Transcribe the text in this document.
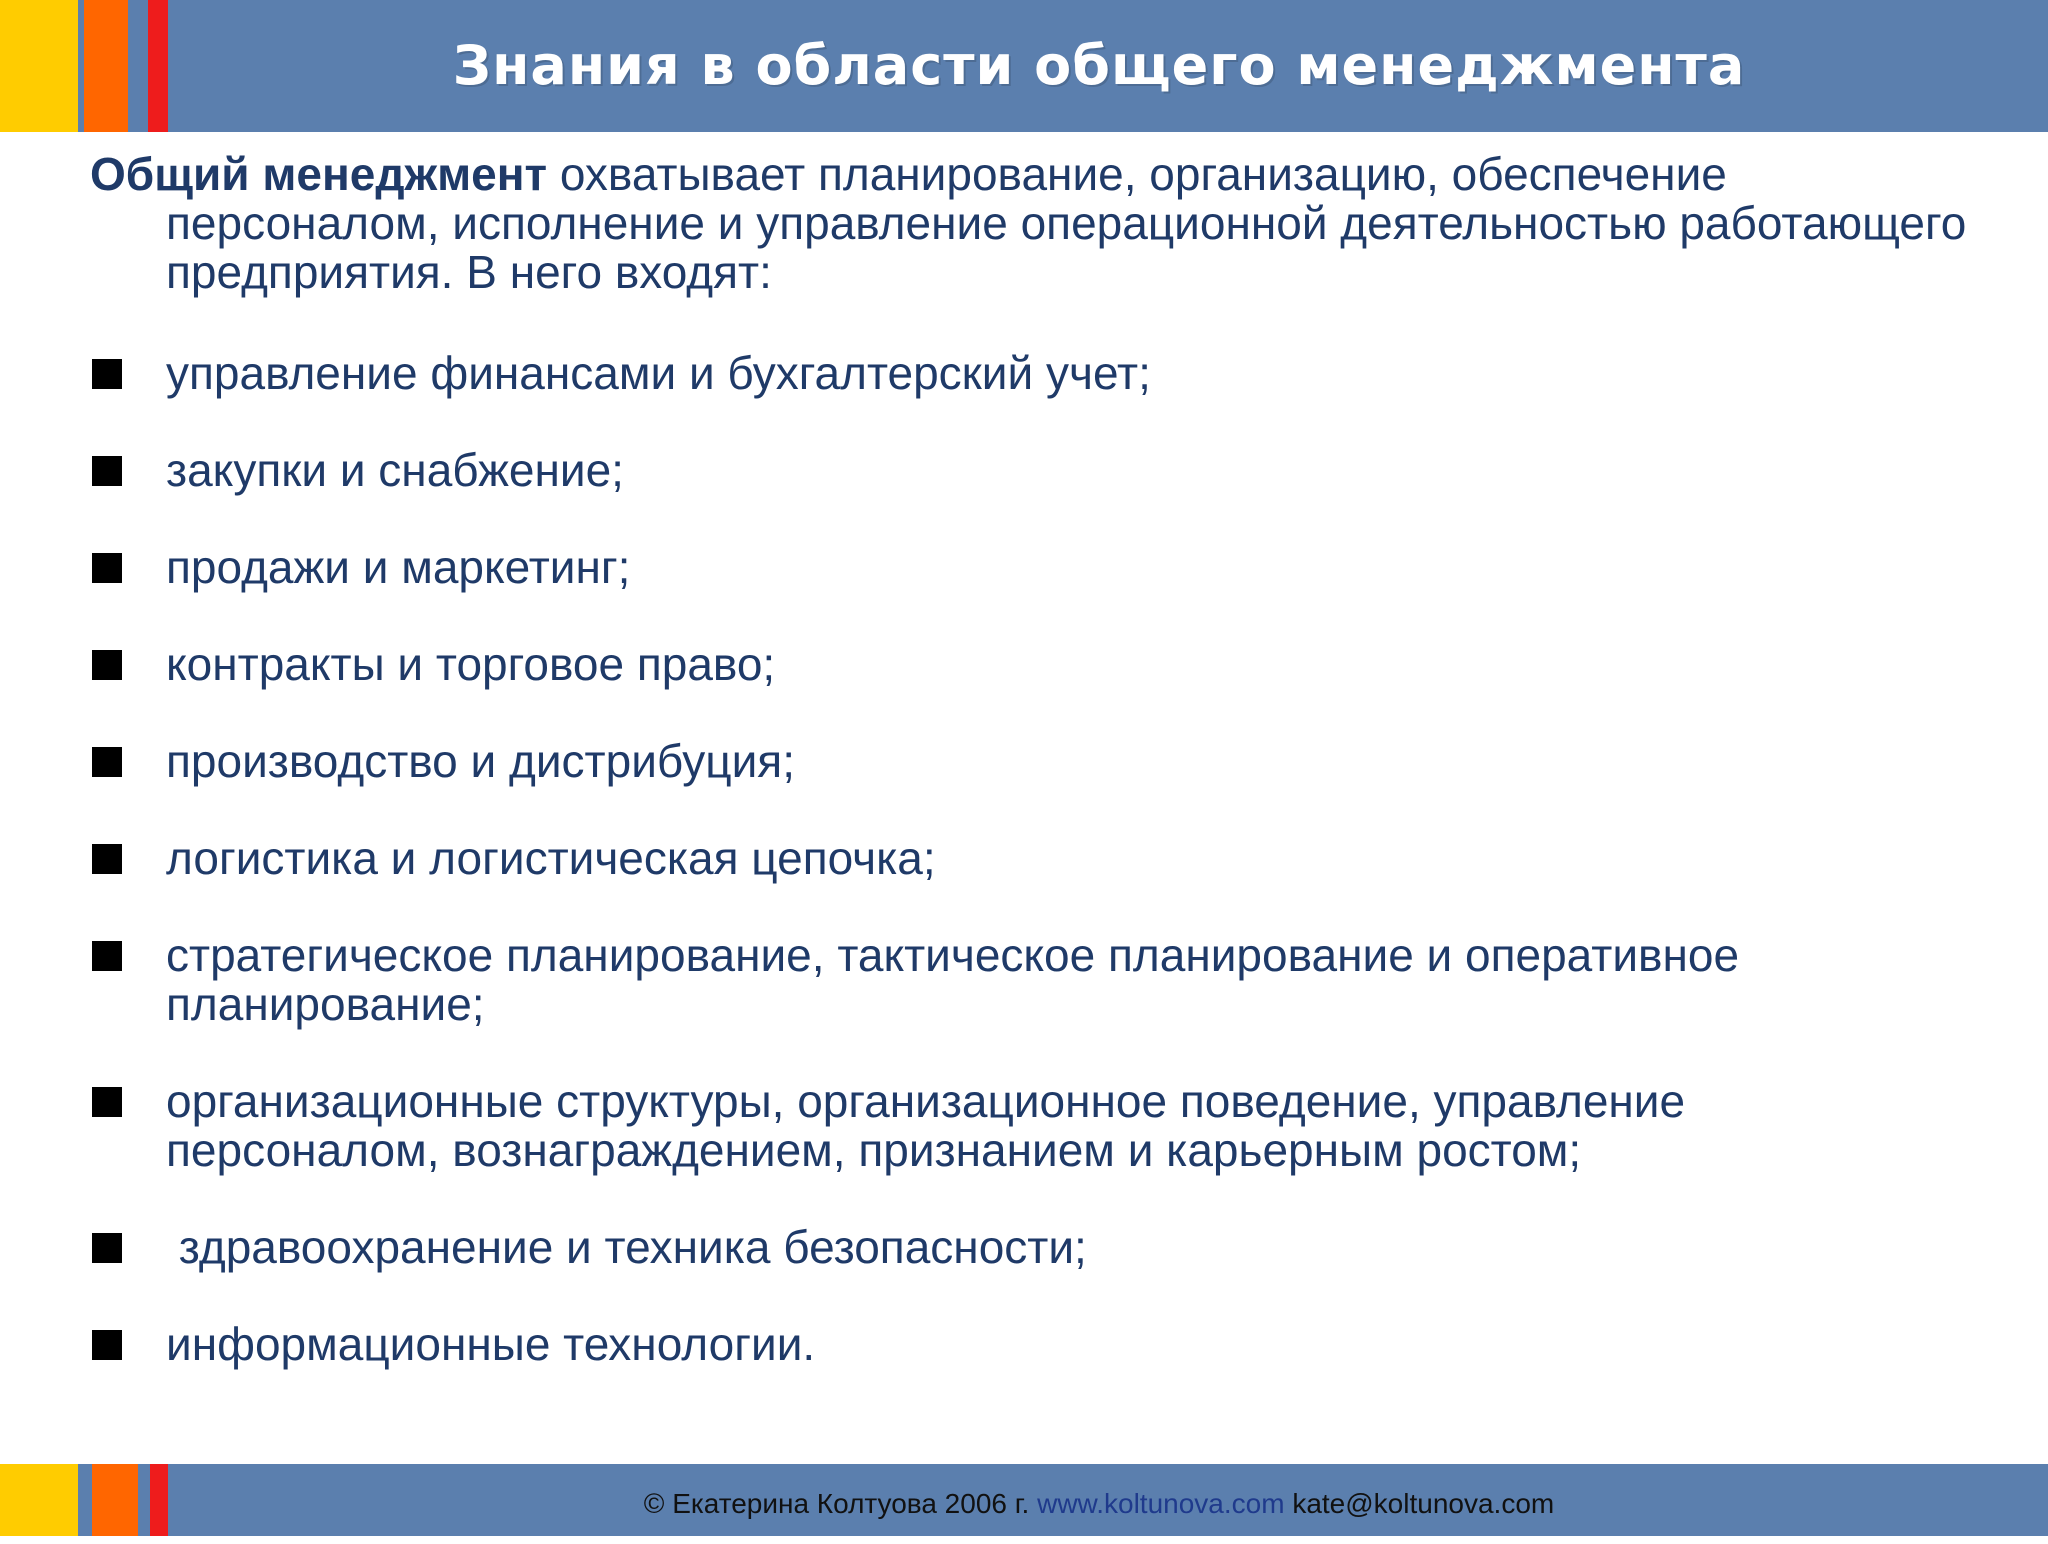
Знания в области общего менеджмента

Общий менеджмент охватывает планирование, организацию, обеспечение персоналом, исполнение и управление операционной деятельностью работающего предприятия. В него входят:

управление финансами и бухгалтерский учет;
закупки и снабжение;
продажи и маркетинг;
контракты и торговое право;
производство и дистрибуция;
логистика и логистическая цепочка;
стратегическое планирование, тактическое планирование и оперативное планирование;
организационные структуры, организационное поведение, управление персоналом, вознаграждением, признанием и карьерным ростом;
здравоохранение и техника безопасности;
информационные технологии.
© Екатерина Колтуова 2006 г. www.koltunova.com kate@koltunova.com
